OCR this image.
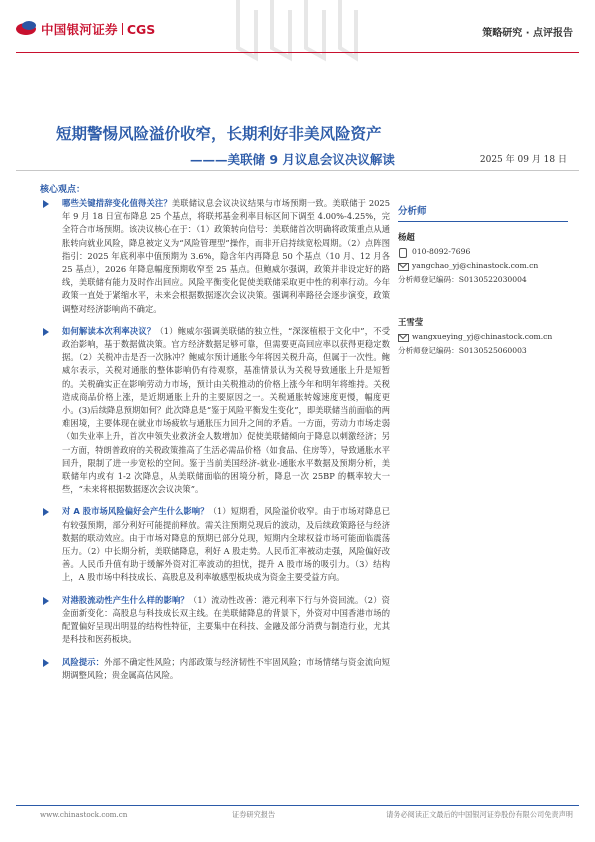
中国银河证券 CGS	策略研究 · 点评报告
短期警惕风险溢价收窄，长期利好非美风险资产
———美联储 9 月议息会议决议解读	2025 年 09 月 18 日
核心观点：
哪些关键措辞变化值得关注？美联储议息会议决议结果与市场预期一致。美联储于 2025 年 9 月 18 日宣布降息 25 个基点，将联邦基金利率目标区间下调至 4.00%-4.25%，完全符合市场预期。该决议核心在于：（1）政策转向信号：美联储首次明确将政策重点从通胀转向就业风险，降息被定义为“风险管理型”操作，而非开启持续宽松周期。（2）点阵图指引：2025 年底利率中值预期为 3.6%，隐含年内再降息 50 个基点（10 月、12 月各 25 基点），2026 年降息幅度预期收窄至 25 基点。但鲍威尔强调，政策并非设定好的路线，美联储有能力及时作出回应。风险平衡变化促使美联储采取更中性的利率行动。今年政策一直处于紧缩水平，未来会根据数据逐次会议决策。强调利率路径会逐步演变，政策调整对经济影响尚不确定。
如何解读本次利率决议？（1）鲍威尔强调美联储的独立性，“深深植根于文化中”，不受政治影响，基于数据做决策。官方经济数据足够可靠，但需要更高回应率以获得更稳定数据。（2）关税冲击是否一次脉冲？鲍威尔预计通胀今年将因关税升高，但属于一次性。鲍威尔表示，关税对通胀的整体影响仍有待观察，基准情景认为关税导致通胀上升是短暂的。关税确实正在影响劳动力市场，预计由关税推动的价格上涨今年和明年将维持。关税造成商品价格上涨，是近期通胀上升的主要原因之一。关税通胀转嫁速度更慢，幅度更小。(3)后续降息预期如何？此次降息是“鉴于风险平衡发生变化”，即美联储当前面临的两难困境，主要体现在就业市场疲软与通胀压力回升之间的矛盾。一方面，劳动力市场走弱（如失业率上升，首次申领失业救济金人数增加）促使美联储倾向于降息以刺激经济；另一方面，特朗普政府的关税政策推高了生活必需品价格（如食品、住房等），导致通胀水平回升，限制了进一步宽松的空间。鉴于当前美国经济-就业-通胀水平数据及预期分析，美联储年内或有 1-2 次降息，从美联储面临的困境分析，降息一次 25BP 的概率较大一些，“未来将根据数据逐次会议决策”。
对 A 股市场风险偏好会产生什么影响？（1）短期看，风险溢价收窄。由于市场对降息已有较强预期，部分利好可能提前释放。需关注预期兑现后的波动，及后续政策路径与经济数据的联动效应。由于市场对降息的预期已部分兑现，短期内全球权益市场可能面临震荡压力。（2）中长期分析，美联储降息，利好 A 股走势。人民币汇率被动走强，风险偏好改善。人民币升值有助于缓解外资对汇率波动的担忧，提升 A 股市场的吸引力。（3）结构上，A 股市场中科技成长、高股息及利率敏感型板块成为资金主要受益方向。
对港股流动性产生什么样的影响？（1）流动性改善：港元利率下行与外资回流。（2）资金面新变化：高股息与科技成长双主线。在美联储降息的背景下，外资对中国香港市场的配置偏好呈现出明显的结构性特征，主要集中在科技、金融及部分消费与制造行业，尤其是科技和医药板块。
风险提示：外部不确定性风险；内部政策与经济韧性不牢固风险；市场情绪与资金流向短期调整风险；贵金属高估风险。
分析师
杨超
010-8092-7696
yangchao_yj@chinastock.com.cn
分析师登记编码：S0130522030004
王雪莹
wangxueying_yj@chinastock.com.cn
分析师登记编码：S0130525060003
www.chinastock.com.cn	证券研究报告	请务必阅读正文最后的中国银河证券股份有限公司免责声明
